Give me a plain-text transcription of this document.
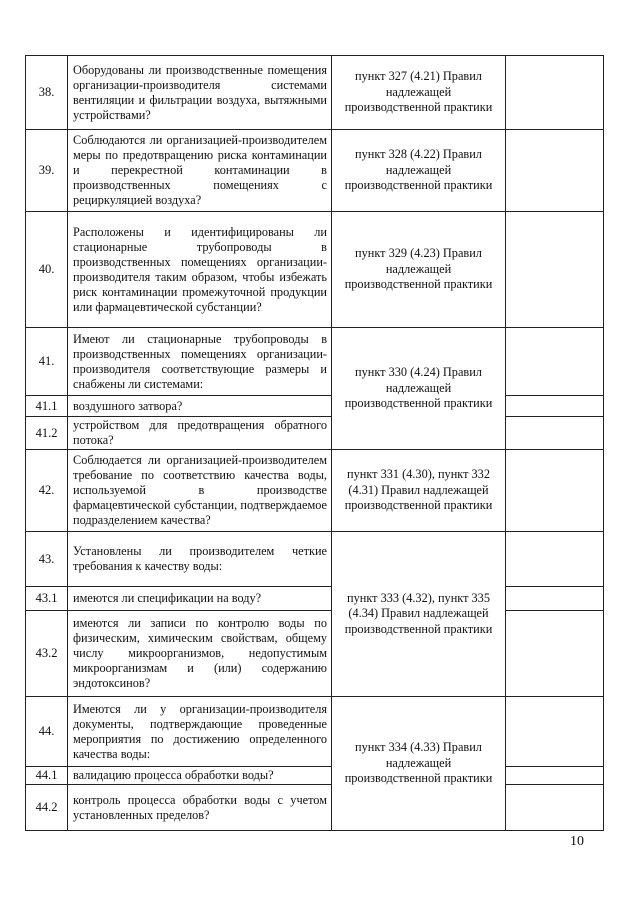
38.	Оборудованы ли производственные помещения организации-производителя системами вентиляции и фильтрации воздуха, вытяжными устройствами?	пункт 327 (4.21) Правил надлежащей производственной практики	
39.	Соблюдаются ли организацией-производителем меры по предотвращению риска контаминации и перекрестной контаминации в производственных помещениях с рециркуляцией воздуха?	пункт 328 (4.22) Правил надлежащей производственной практики	
40.	Расположены и идентифицированы ли стационарные трубопроводы в производственных помещениях организации-производителя таким образом, чтобы избежать риск контаминации промежуточной продукции или фармацевтической субстанции?	пункт 329 (4.23) Правил надлежащей производственной практики	
41.	Имеют ли стационарные трубопроводы в производственных помещениях организации-производителя соответствующие размеры и снабжены ли системами:	пункт 330 (4.24) Правил надлежащей производственной практики	
41.1	воздушного затвора?		
41.2	устройством для предотвращения обратного потока?		
42.	Соблюдается ли организацией-производителем требование по соответствию качества воды, используемой в производстве фармацевтической субстанции, подтверждаемое подразделением качества?	пункт 331 (4.30), пункт 332 (4.31) Правил надлежащей производственной практики	
43.	Установлены ли производителем четкие требования к качеству воды:	пункт 333 (4.32), пункт 335 (4.34) Правил надлежащей производственной практики	
43.1	имеются ли спецификации на воду?		
43.2	имеются ли записи по контролю воды по физическим, химическим свойствам, общему числу микроорганизмов, недопустимым микроорганизмам и (или) содержанию эндотоксинов?		
44.	Имеются ли у организации-производителя документы, подтверждающие проведенные мероприятия по достижению определенного качества воды:	пункт 334 (4.33) Правил надлежащей производственной практики	
44.1	валидацию процесса обработки воды?		
44.2	контроль процесса обработки воды с учетом установленных пределов?		
10
